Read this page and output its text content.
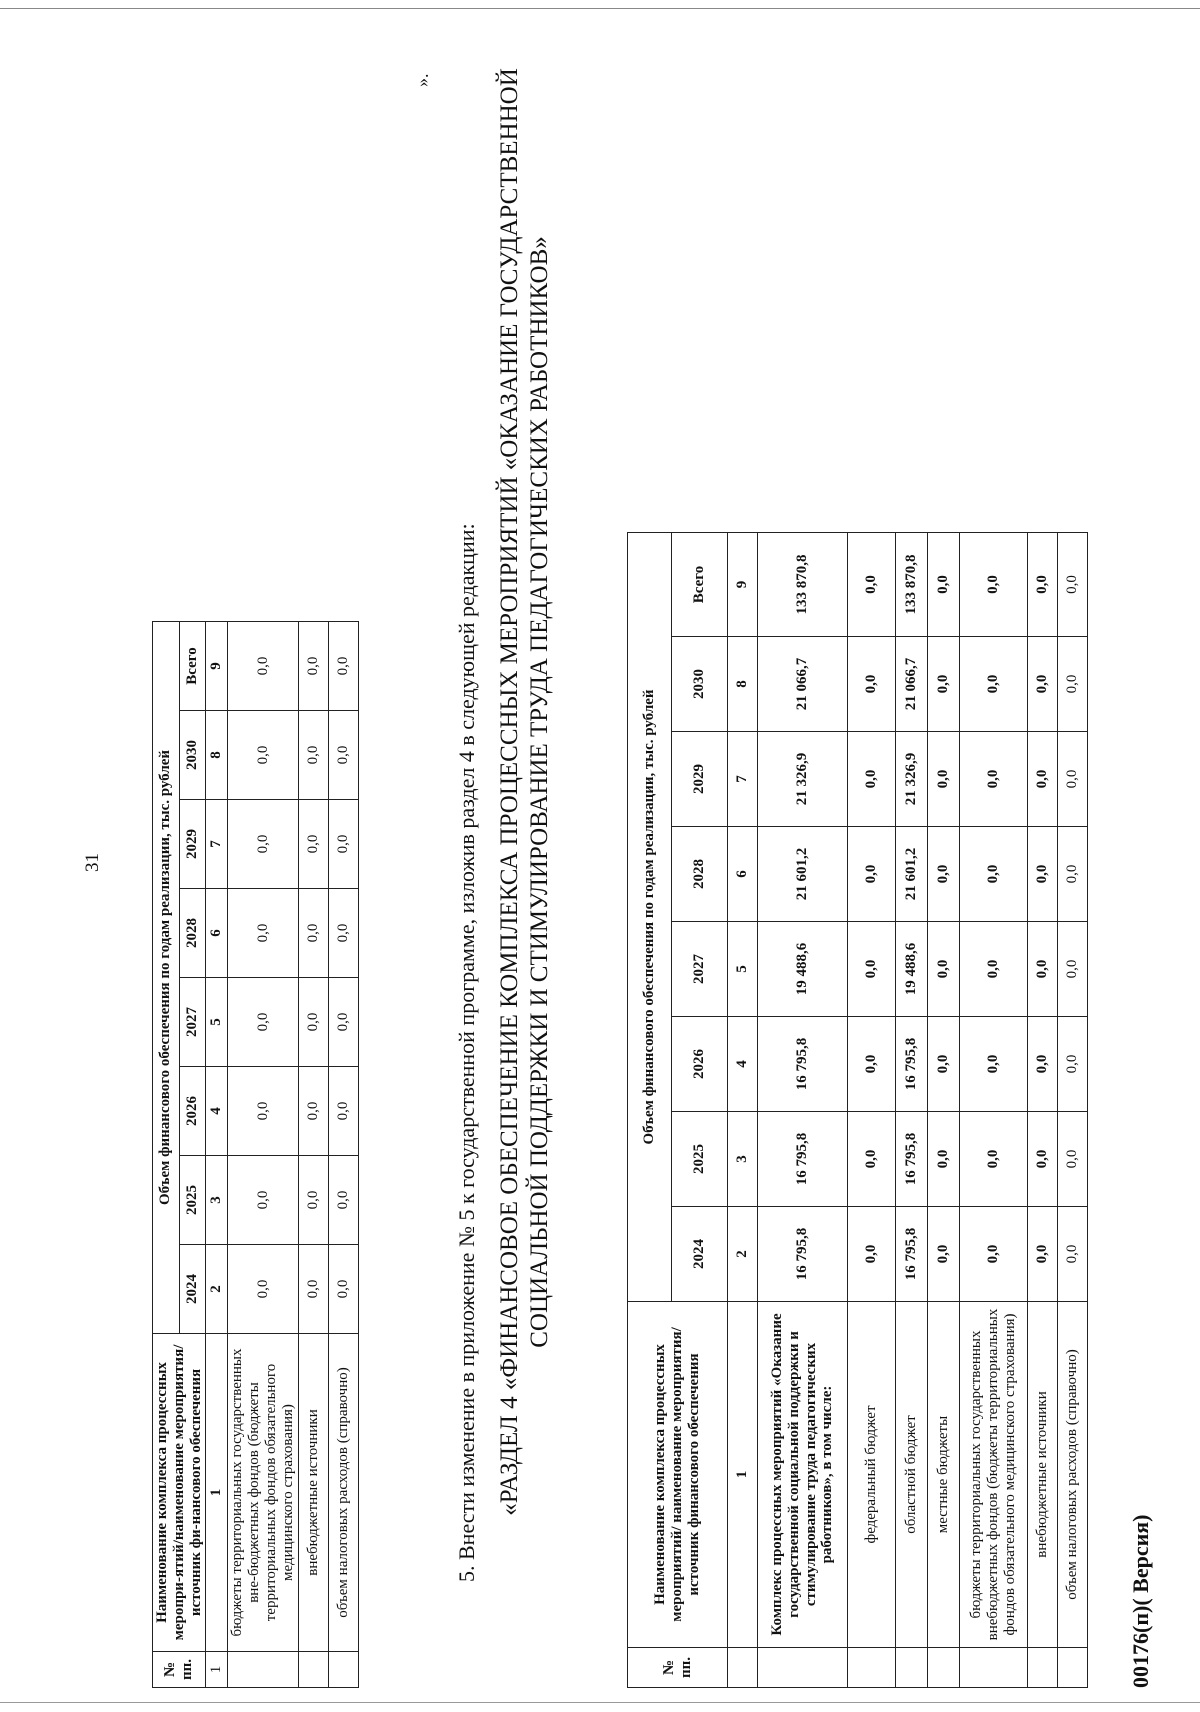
31
№ пп.	Наименование комплекса процессных меропри-ятий/наименование мероприятия/источник фи-нансового обеспечения	Объем финансового обеспечения по годам реализации, тыс. рублей							
		2024	2025	2026	2027	2028	2029	2030	Всего
1	1	2	3	4	5	6	7	8	9
	бюджеты территориальных государственных вне-бюджетных фондов (бюджеты территориальных фондов обязательного медицинского страхования)	0,0	0,0	0,0	0,0	0,0	0,0	0,0	0,0
	внебюджетные источники	0,0	0,0	0,0	0,0	0,0	0,0	0,0	0,0
	объем налоговых расходов (справочно)	0,0	0,0	0,0	0,0	0,0	0,0	0,0	0,0
».
5. Внести изменение в приложение № 5 к государственной программе, изложив раздел 4 в следующей редакции: «РАЗДЕЛ 4 «ФИНАНСОВОЕ ОБЕСПЕЧЕНИЕ КОМПЛЕКСА ПРОЦЕССНЫХ МЕРОПРИЯТИЙ «ОКАЗАНИЕ ГОСУДАРСТВЕННОЙ СОЦИАЛЬНОЙ ПОДДЕРЖКИ И СТИМУЛИРОВАНИЕ ТРУДА ПЕДАГОГИЧЕСКИХ РАБОТНИКОВ»
№ пп.	Наименование комплекса процессных мероприятий/ наименование мероприятия/источник финансового обеспечения	Объем финансового обеспечения по годам реализации, тыс. рублей							
		2024	2025	2026	2027	2028	2029	2030	Всего
	1	2	3	4	5	6	7	8	9
	Комплекс процессных мероприятий «Оказание государственной социальной поддержки и стимулирование труда педагогических работников», в том числе:	16 795,8	16 795,8	16 795,8	19 488,6	21 601,2	21 326,9	21 066,7	133 870,8
	федеральный бюджет	0,0	0,0	0,0	0,0	0,0	0,0	0,0	0,0
	областной бюджет	16 795,8	16 795,8	16 795,8	19 488,6	21 601,2	21 326,9	21 066,7	133 870,8
	местные бюджеты	0,0	0,0	0,0	0,0	0,0	0,0	0,0	0,0
	бюджеты территориальных государственных внебюджетных фондов (бюджеты территориальных фондов обязательного медицинского страхования)	0,0	0,0	0,0	0,0	0,0	0,0	0,0	0,0
	внебюджетные источники	0,0	0,0	0,0	0,0	0,0	0,0	0,0	0,0
	объем налоговых расходов (справочно)	0,0	0,0	0,0	0,0	0,0	0,0	0,0	0,0
00176(п)( Версия)
